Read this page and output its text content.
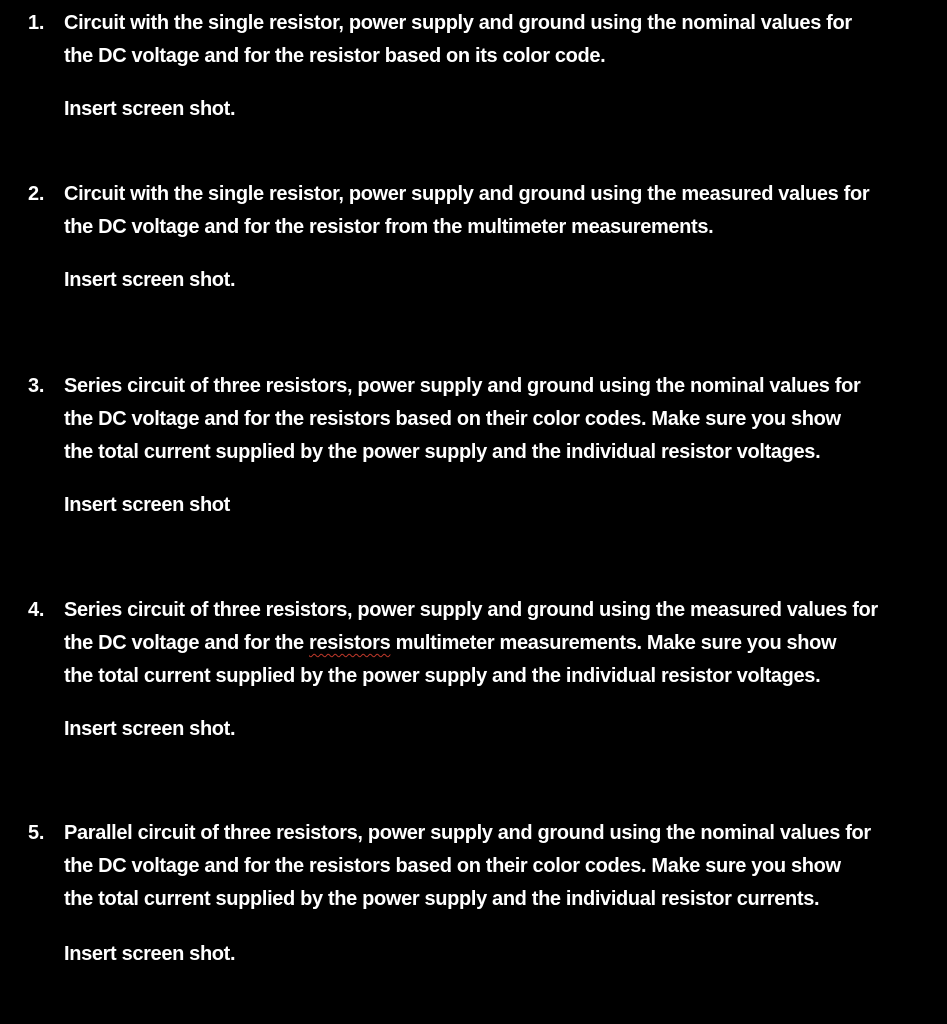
1. Circuit with the single resistor, power supply and ground using the nominal values for
the DC voltage and for the resistor based on its color code.
Insert screen shot.
2. Circuit with the single resistor, power supply and ground using the measured values for
the DC voltage and for the resistor from the multimeter measurements.
Insert screen shot.
3. Series circuit of three resistors, power supply and ground using the nominal values for
the DC voltage and for the resistors based on their color codes. Make sure you show
the total current supplied by the power supply and the individual resistor voltages.
Insert screen shot
4. Series circuit of three resistors, power supply and ground using the measured values for
the DC voltage and for the resistors multimeter measurements. Make sure you show
the total current supplied by the power supply and the individual resistor voltages.
Insert screen shot.
5. Parallel circuit of three resistors, power supply and ground using the nominal values for
the DC voltage and for the resistors based on their color codes. Make sure you show
the total current supplied by the power supply and the individual resistor currents.
Insert screen shot.
